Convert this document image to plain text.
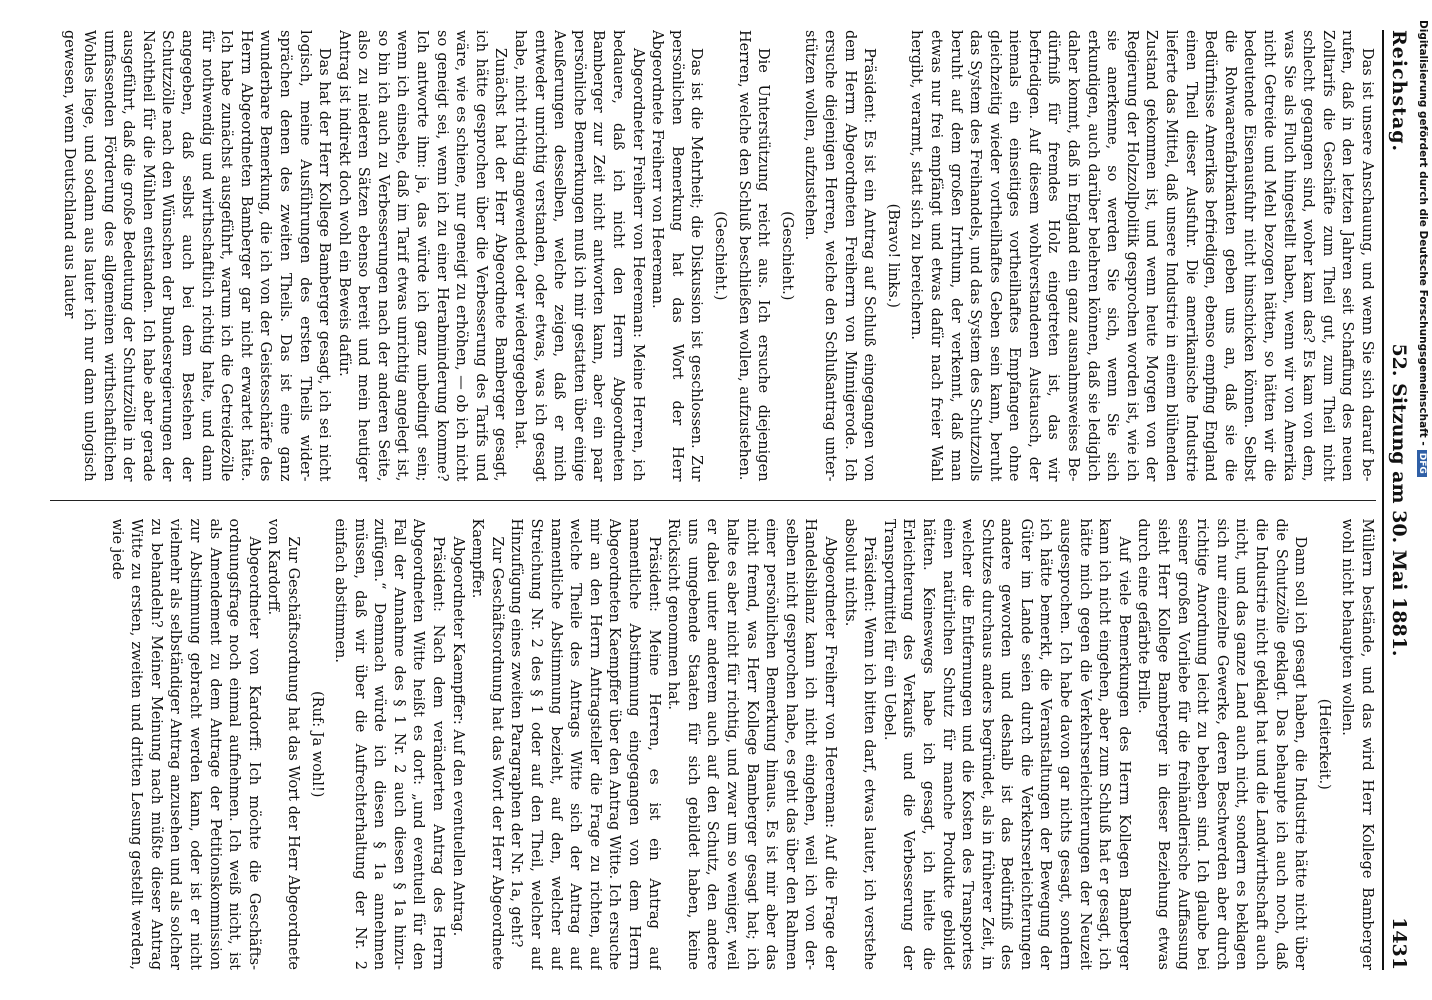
Reichstag.
52. Sitzung am 30. Mai 1881.
1431

Das ist unsere Anschauung, und wenn Sie sich darauf berufen, daß in den letzten Jahren seit Schaffung des neuen Zolltarifs die Geschäfte zum Theil gut, zum Theil nicht schlecht gegangen sind, woher kam das? Es kam von dem, was Sie als Fluch hingestellt haben, wenn wir von Amerika nicht Getreide und Mehl bezogen hätten, so hätten wir die bedeutende Eisenausfuhr nicht hinschicken können. Selbst die Rohwaarenfabrikanten geben uns an, daß sie die Bedürfnisse Amerikas befriedigen, ebenso empfing England einen Theil dieser Ausfuhr. Die amerikanische Industrie lieferte das Mittel, daß unsere Industrie in einem blühenden Zustand gekommen ist, und wenn heute Morgen von der Regierung der Holzzollpolitik gesprochen worden ist, wie ich sie anerkenne, so werden Sie sich, wenn Sie sich erkundigen, auch darüber belehren können, daß sie lediglich daher kommt, daß in England ein ganz ausnahmsweises Bedürfniß für fremdes Holz eingetreten ist, das wir befriedigen. Auf diesem wohlverstandenen Austausch, der niemals ein einseitiges vortheilhaftes Empfangen ohne gleichzeitig wieder vortheilhaftes Geben sein kann, beruht das System des Freihandels, und das System des Schutzzolls beruht auf dem großen Irrthum, der verkennt, daß man etwas nur frei empfängt und etwas dafür nach freier Wahl hergibt, verarmt, statt sich zu bereichern.

(Bravo! links.)

Präsident: Es ist ein Antrag auf Schluß eingegangen von dem Herrn Abgeordneten Freiherrn von Minnigerode. Ich ersuche diejenigen Herren, welche den Schlußantrag unterstützen wollen, aufzustehen.

(Geschieht.)

Die Unterstützung reicht aus. Ich ersuche diejenigen Herren, welche den Schluß beschließen wollen, aufzustehen.

(Geschieht.)

Das ist die Mehrheit; die Diskussion ist geschlossen. Zur persönlichen Bemerkung hat das Wort der Herr Abgeordnete Freiherr von Heereman.

Abgeordneter Freiherr von Heereman: Meine Herren, ich bedauere, daß ich nicht den Herrn Abgeordneten Bamberger zur Zeit nicht antworten kann, aber ein paar persönliche Bemerkungen muß ich mir gestatten über einige Aeußerungen desselben, welche zeigen, daß er mich entweder unrichtig verstanden, oder etwas, was ich gesagt habe, nicht richtig angewendet oder wiedergegeben hat.

Zunächst hat der Herr Abgeordnete Bamberger gesagt, ich hätte gesprochen über die Verbesserung des Tarifs und wäre, wie es schiene, nur geneigt zu erhöhen, — ob ich nicht so geneigt sei, wenn ich zu einer Herabminderung komme? Ich antworte ihm: ja, das würde ich ganz unbedingt sein; wenn ich einsehe, daß im Tarif etwas unrichtig angelegt ist, so bin ich auch zu Verbesserungen nach der anderen Seite, also zu niederen Sätzen ebenso bereit und mein heutiger Antrag ist indirekt doch wohl ein Beweis dafür.

Das hat der Herr Kollege Bamberger gesagt, ich sei nicht logisch, meine Ausführungen des ersten Theils widersprächen denen des zweiten Theils. Das ist eine ganz wunderbare Bemerkung, die ich von der Geistesschärfe des Herrn Abgeordneten Bamberger gar nicht erwartet hätte. Ich habe zunächst ausgeführt, warum ich die Getreidezölle für nothwendig und wirthschaftlich richtig halte, und dann angegeben, daß selbst auch bei dem Bestehen der Schutzzölle nach den Wünschen der Bundesregierungen der Nachtheil für die Mühlen entstanden. Ich habe aber gerade ausgeführt, daß die große Bedeutung der Schutzzölle in der umfassenden Förderung des allgemeinen wirthschaftlichen Wohles liege, und sodann aus lauter ich nur dann unlogisch gewesen, wenn Deutschland aus lauter

Müllern bestände, und das wird Herr Kollege Bamberger wohl nicht behaupten wollen.

(Heiterkeit.)

Dann soll ich gesagt haben, die Industrie hätte nicht über die Schutzzölle geklagt. Das behaupte ich auch noch, daß die Industrie nicht geklagt hat und die Landwirthschaft auch nicht, und das ganze Land auch nicht, sondern es beklagen sich nur einzelne Gewerke, deren Beschwerden aber durch richtige Anordnung leicht zu beheben sind. Ich glaube bei seiner großen Vorliebe für die freihändlerische Auffassung sieht Herr Kollege Bamberger in dieser Beziehung etwas durch eine gefärbte Brille.

Auf viele Bemerkungen des Herrn Kollegen Bamberger kann ich nicht eingehen, aber zum Schluß hat er gesagt, ich hätte mich gegen die Verkehrserleichterungen der Neuzeit ausgesprochen. Ich habe davon gar nichts gesagt, sondern ich hätte bemerkt, die Veranstaltungen der Bewegung der Güter im Lande seien durch die Verkehrserleichterungen andere geworden und deshalb ist das Bedürfniß des Schutzes durchaus anders begründet, als in früherer Zeit, in welcher die Entfernungen und die Kosten des Transportes einen natürlichen Schutz für manche Produkte gebildet hätten. Keineswegs habe ich gesagt, ich hielte die Erleichterung des Verkaufs und die Verbesserung der Transportmittel für ein Uebel.

Präsident: Wenn ich bitten darf, etwas lauter, ich verstehe absolut nichts.

Abgeordneter Freiherr von Heereman: Auf die Frage der Handelsbilanz kann ich nicht eingehen, weil ich von derselben nicht gesprochen habe, es geht das über den Rahmen einer persönlichen Bemerkung hinaus. Es ist mir aber das nicht fremd, was Herr Kollege Bamberger gesagt hat; ich halte es aber nicht für richtig, und zwar um so weniger, weil er dabei unter anderem auch auf den Schutz, den andere uns umgebende Staaten für sich gebildet haben, keine Rücksicht genommen hat.

Präsident: Meine Herren, es ist ein Antrag auf namentliche Abstimmung eingegangen von dem Herrn Abgeordneten Kaempffer über den Antrag Witte. Ich ersuche mir an den Herrn Antragsteller die Frage zu richten, auf welche Theile des Antrags Witte sich der Antrag auf namentliche Abstimmung bezieht, auf den, welcher auf Streichung Nr. 2 des § 1 oder auf den Theil, welcher auf Hinzufügung eines zweiten Paragraphen der Nr. 1a, geht?

Zur Geschäftsordnung hat das Wort der Herr Abgeordnete Kaempffer.

Abgeordneter Kaempffer: Auf den eventuellen Antrag.

Präsident: Nach dem veränderten Antrag des Herrn Abgeordneten Witte heißt es dort: „und eventuell für den Fall der Annahme des § 1 Nr. 2 auch diesen § 1a hinzuzufügen.“ Demnach würde ich diesen § 1a annehmen müssen, daß wir über die Aufrechterhaltung der Nr. 2 einfach abstimmen.

(Ruf: Ja wohl!)

Zur Geschäftsordnung hat das Wort der Herr Abgeordnete von Kardorff.

Abgeordneter von Kardorff: Ich möchte die Geschäftsordnungsfrage noch einmal aufnehmen. Ich weiß nicht, ist als Amendement zu dem Antrage der Petitionskommission zur Abstimmung gebracht werden kann, oder ist er nicht vielmehr als selbständiger Antrag anzusehen und als solcher zu behandeln? Meiner Meinung nach müßte dieser Antrag Witte zu ersten, zweiten und dritten Lesung gestellt werden, wie jede

Digitalisierung gefördert durch die Deutsche Forschungsgemeinschaft -DFG
